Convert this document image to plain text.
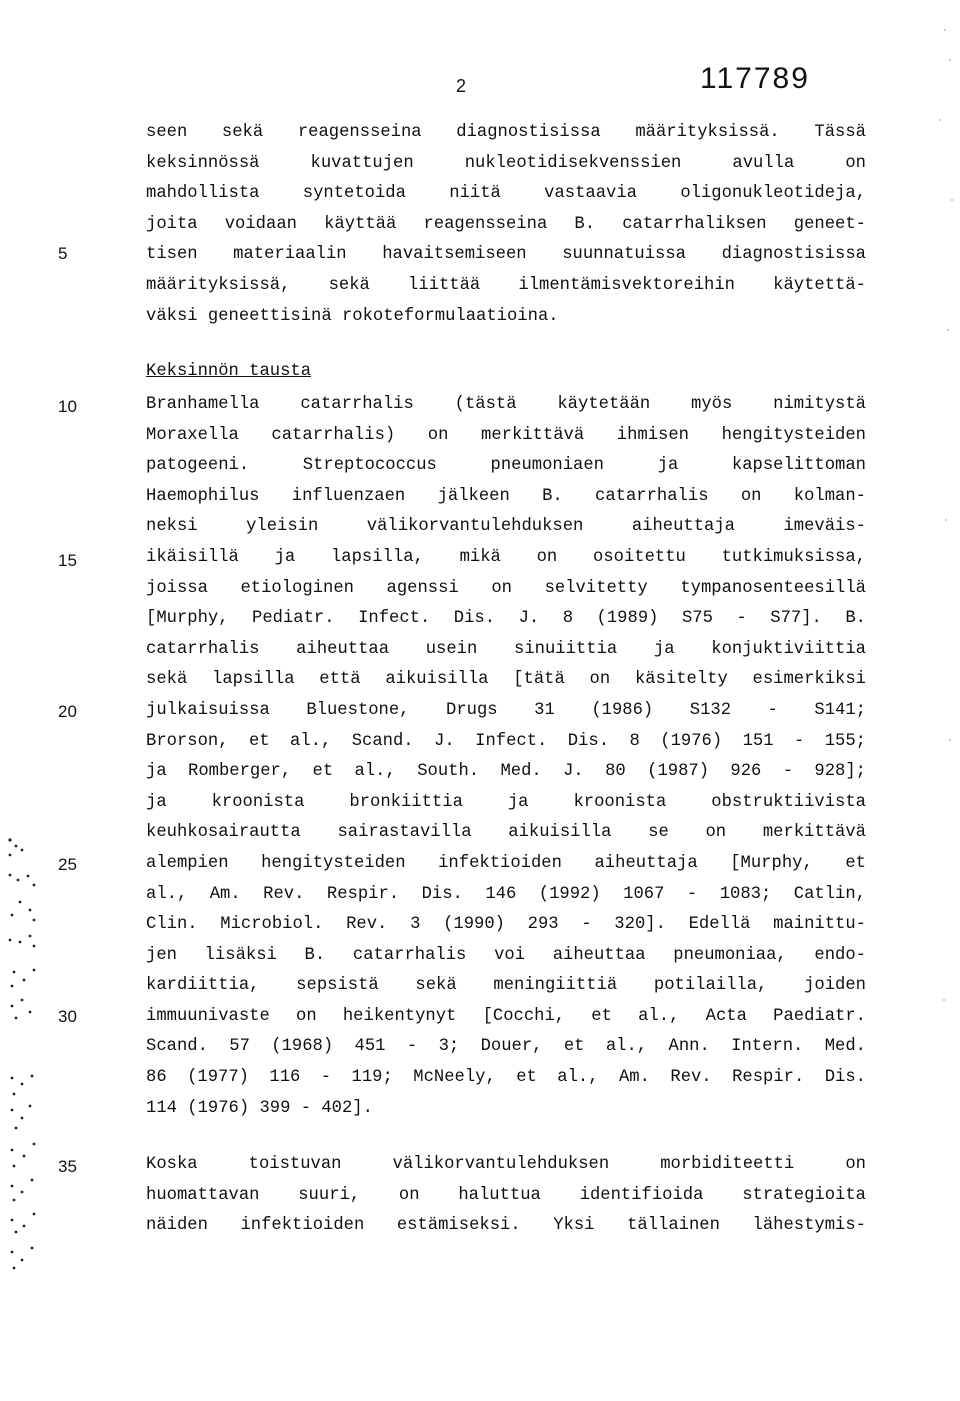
2	117789
5
10
15
20
25
30
35
seen sekä reagensseina diagnostisissa määrityksissä. Tässä
keksinnössä kuvattujen nukleotidisekvenssien avulla on
mahdollista syntetoida niitä vastaavia oligonukleotideja,
joita voidaan käyttää reagensseina B. catarrhaliksen geneet-
tisen materiaalin havaitsemiseen suunnatuissa diagnostisissa
määrityksissä, sekä liittää ilmentämisvektoreihin käytettä-
väksi geneettisinä rokoteformulaatioina.
Keksinnön tausta
Branhamella catarrhalis (tästä käytetään myös nimitystä
Moraxella catarrhalis) on merkittävä ihmisen hengitysteiden
patogeeni. Streptococcus pneumoniaen ja kapselittoman
Haemophilus influenzaen jälkeen B. catarrhalis on kolman-
neksi yleisin välikorvantulehduksen aiheuttaja imeväis-
ikäisillä ja lapsilla, mikä on osoitettu tutkimuksissa,
joissa etiologinen agenssi on selvitetty tympanosenteesillä
[Murphy, Pediatr. Infect. Dis. J. 8 (1989) S75 - S77]. B.
catarrhalis aiheuttaa usein sinuiittia ja konjuktiviittia
sekä lapsilla että aikuisilla [tätä on käsitelty esimerkiksi
julkaisuissa Bluestone, Drugs 31 (1986) S132 - S141;
Brorson, et al., Scand. J. Infect. Dis. 8 (1976) 151 - 155;
ja Romberger, et al., South. Med. J. 80 (1987) 926 - 928];
ja kroonista bronkiittia ja kroonista obstruktiivista
keuhkosairautta sairastavilla aikuisilla se on merkittävä
alempien hengitysteiden infektioiden aiheuttaja [Murphy, et
al., Am. Rev. Respir. Dis. 146 (1992) 1067 - 1083; Catlin,
Clin. Microbiol. Rev. 3 (1990) 293 - 320]. Edellä mainittu-
jen lisäksi B. catarrhalis voi aiheuttaa pneumoniaa, endo-
kardiittia, sepsistä sekä meningiittiä potilailla, joiden
immuunivaste on heikentynyt [Cocchi, et al., Acta Paediatr.
Scand. 57 (1968) 451 - 3; Douer, et al., Ann. Intern. Med.
86 (1977) 116 - 119; McNeely, et al., Am. Rev. Respir. Dis.
114 (1976) 399 - 402].
Koska toistuvan välikorvantulehduksen morbiditeetti on
huomattavan suuri, on haluttua identifioida strategioita
näiden infektioiden estämiseksi. Yksi tällainen lähestymis-
